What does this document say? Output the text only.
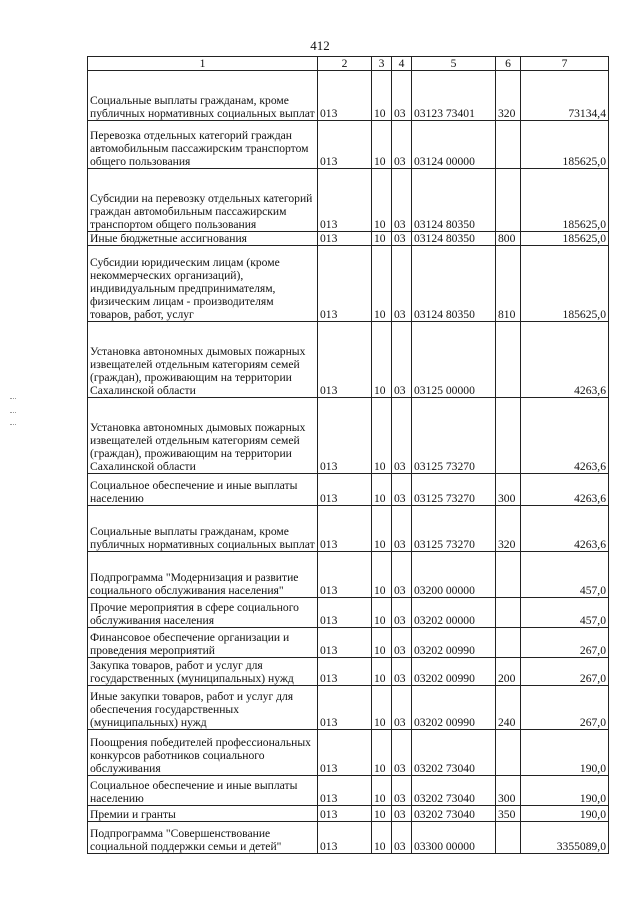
412
1	2	3	4	5	6	7
Социальные выплаты гражданам, кроме публичных нормативных социальных выплат	013	10	03	03123 73401	320	73134,4
Перевозка отдельных категорий граждан автомобильным пассажирским транспортом общего пользования	013	10	03	03124 00000		185625,0
Субсидии на перевозку отдельных категорий граждан автомобильным пассажирским транспортом общего пользования	013	10	03	03124 80350		185625,0
Иные бюджетные ассигнования	013	10	03	03124 80350	800	185625,0
Субсидии юридическим лицам (кроме некоммерческих организаций), индивидуальным предпринимателям, физическим лицам - производителям товаров, работ, услуг	013	10	03	03124 80350	810	185625,0
Установка автономных дымовых пожарных извещателей отдельным категориям семей (граждан), проживающим на территории Сахалинской области	013	10	03	03125 00000		4263,6
Установка автономных дымовых пожарных извещателей отдельным категориям семей (граждан), проживающим на территории Сахалинской области	013	10	03	03125 73270		4263,6
Социальное обеспечение и иные выплаты населению	013	10	03	03125 73270	300	4263,6
Социальные выплаты гражданам, кроме публичных нормативных социальных выплат	013	10	03	03125 73270	320	4263,6
Подпрограмма "Модернизация и развитие социального обслуживания населения"	013	10	03	03200 00000		457,0
Прочие мероприятия в сфере социального обслуживания населения	013	10	03	03202 00000		457,0
Финансовое обеспечение организации и проведения мероприятий	013	10	03	03202 00990		267,0
Закупка товаров, работ и услуг для государственных (муниципальных) нужд	013	10	03	03202 00990	200	267,0
Иные закупки товаров, работ и услуг для обеспечения государственных (муниципальных) нужд	013	10	03	03202 00990	240	267,0
Поощрения победителей профессиональных конкурсов работников социального обслуживания	013	10	03	03202 73040		190,0
Социальное обеспечение и иные выплаты населению	013	10	03	03202 73040	300	190,0
Премии и гранты	013	10	03	03202 73040	350	190,0
Подпрограмма "Совершенствование социальной поддержки семьи и детей"	013	10	03	03300 00000		3355089,0
